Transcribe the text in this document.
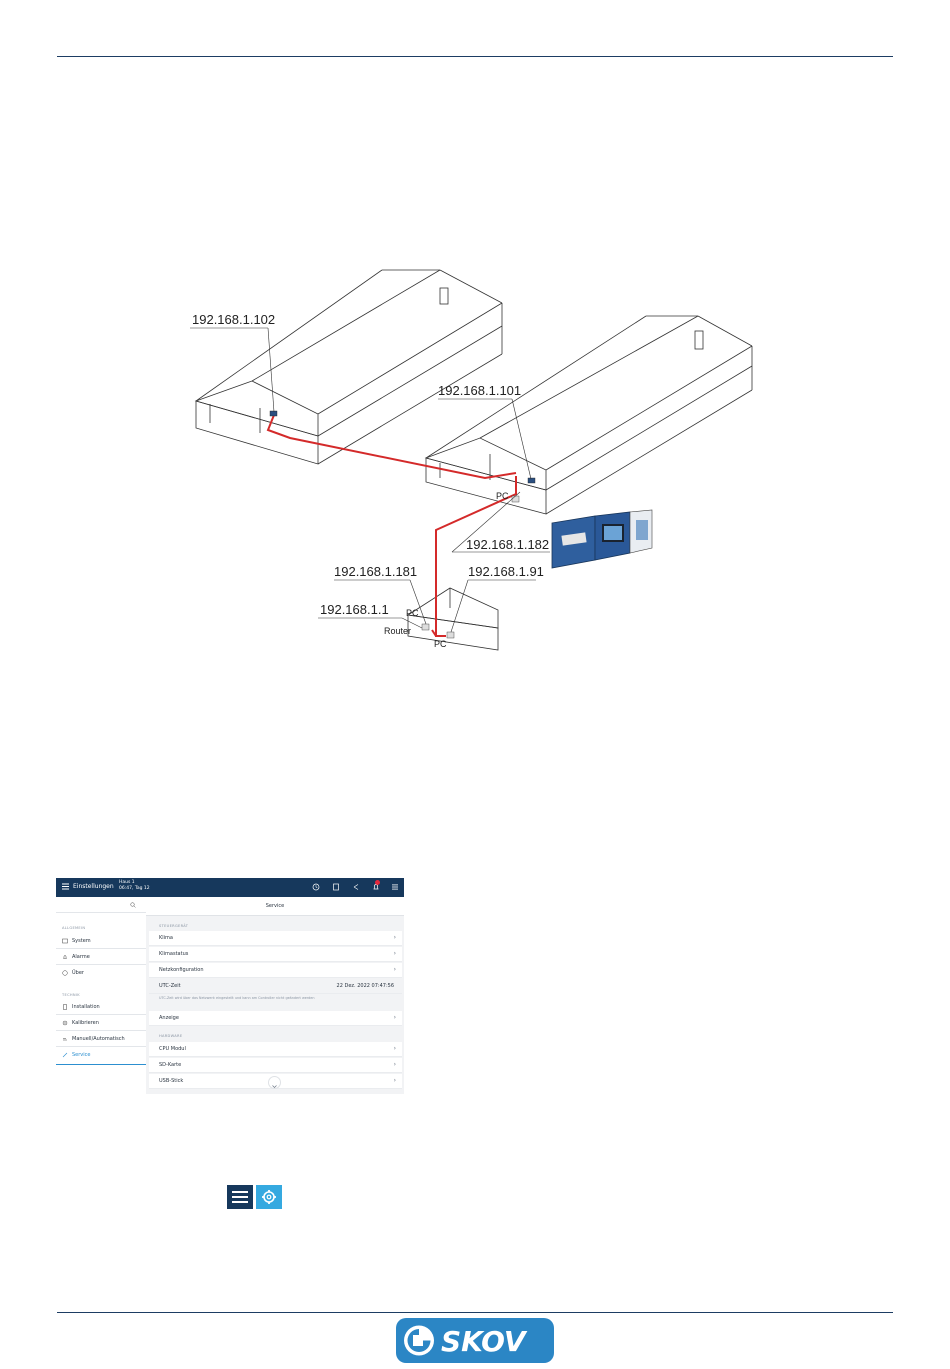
192.168.1.102
192.168.1.101
192.168.1.182
192.168.1.181	192.168.1.91
192.168.1.1
PC
PC
PC
Router
Einstellungen
Haus 1
06:47, Tag 12
ALLGEMEIN
System
Alarme
Über
TECHNIK
Installation
Kalibrieren
Manuell/Automatisch
Service
Service
STEUERGERÄT
Klima	›
Klimastatus	›
Netzkonfiguration	›
UTC-Zeit	22 Dez. 2022 07:47:56
UTC-Zeit wird über das Netzwerk eingestellt und kann am Controller nicht geändert werden
Anzeige	›
HARDWARE
CPU Modul	›
SD-Karte	›
USB-Stick	›
SKOV
